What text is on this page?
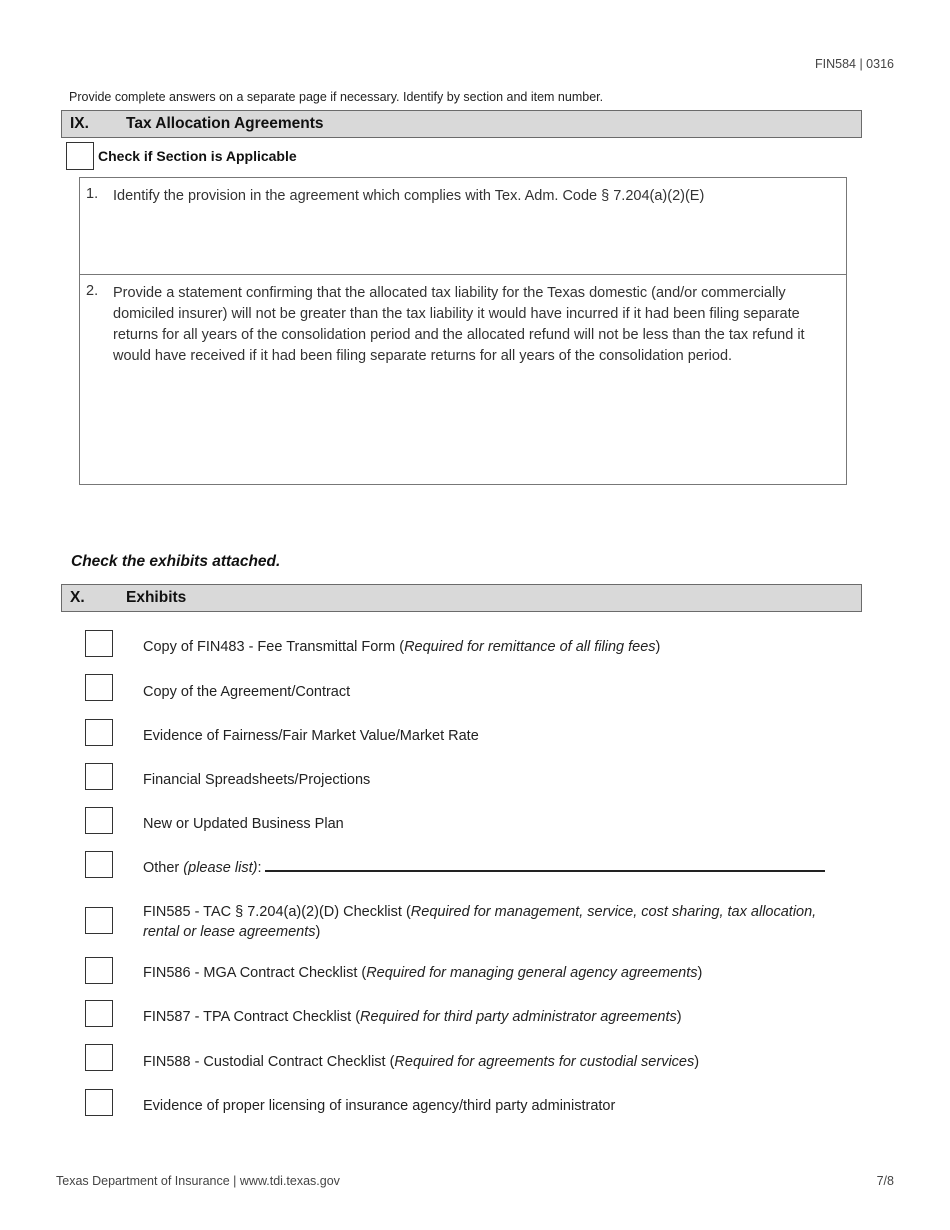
FIN584 | 0316
Provide complete answers on a separate page if necessary. Identify by section and item number.
IX. Tax Allocation Agreements
Check if Section is Applicable
1. Identify the provision in the agreement which complies with Tex. Adm. Code § 7.204(a)(2)(E)
2. Provide a statement confirming that the allocated tax liability for the Texas domestic (and/or commercially domiciled insurer) will not be greater than the tax liability it would have incurred if it had been filing separate returns for all years of the consolidation period and the allocated refund will not be less than the tax refund it would have received if it had been filing separate returns for all years of the consolidation period.
Check the exhibits attached.
X.	Exhibits
Copy of FIN483 - Fee Transmittal Form (Required for remittance of all filing fees)
Copy of the Agreement/Contract
Evidence of Fairness/Fair Market Value/Market Rate
Financial Spreadsheets/Projections
New or Updated Business Plan
Other (please list):
FIN585 - TAC § 7.204(a)(2)(D) Checklist (Required for management, service, cost sharing, tax allocation, rental or lease agreements)
FIN586 - MGA Contract Checklist (Required for managing general agency agreements)
FIN587 - TPA Contract Checklist (Required for third party administrator agreements)
FIN588 - Custodial Contract Checklist (Required for agreements for custodial services)
Evidence of proper licensing of insurance agency/third party administrator
Texas Department of Insurance | www.tdi.texas.gov	7/8
